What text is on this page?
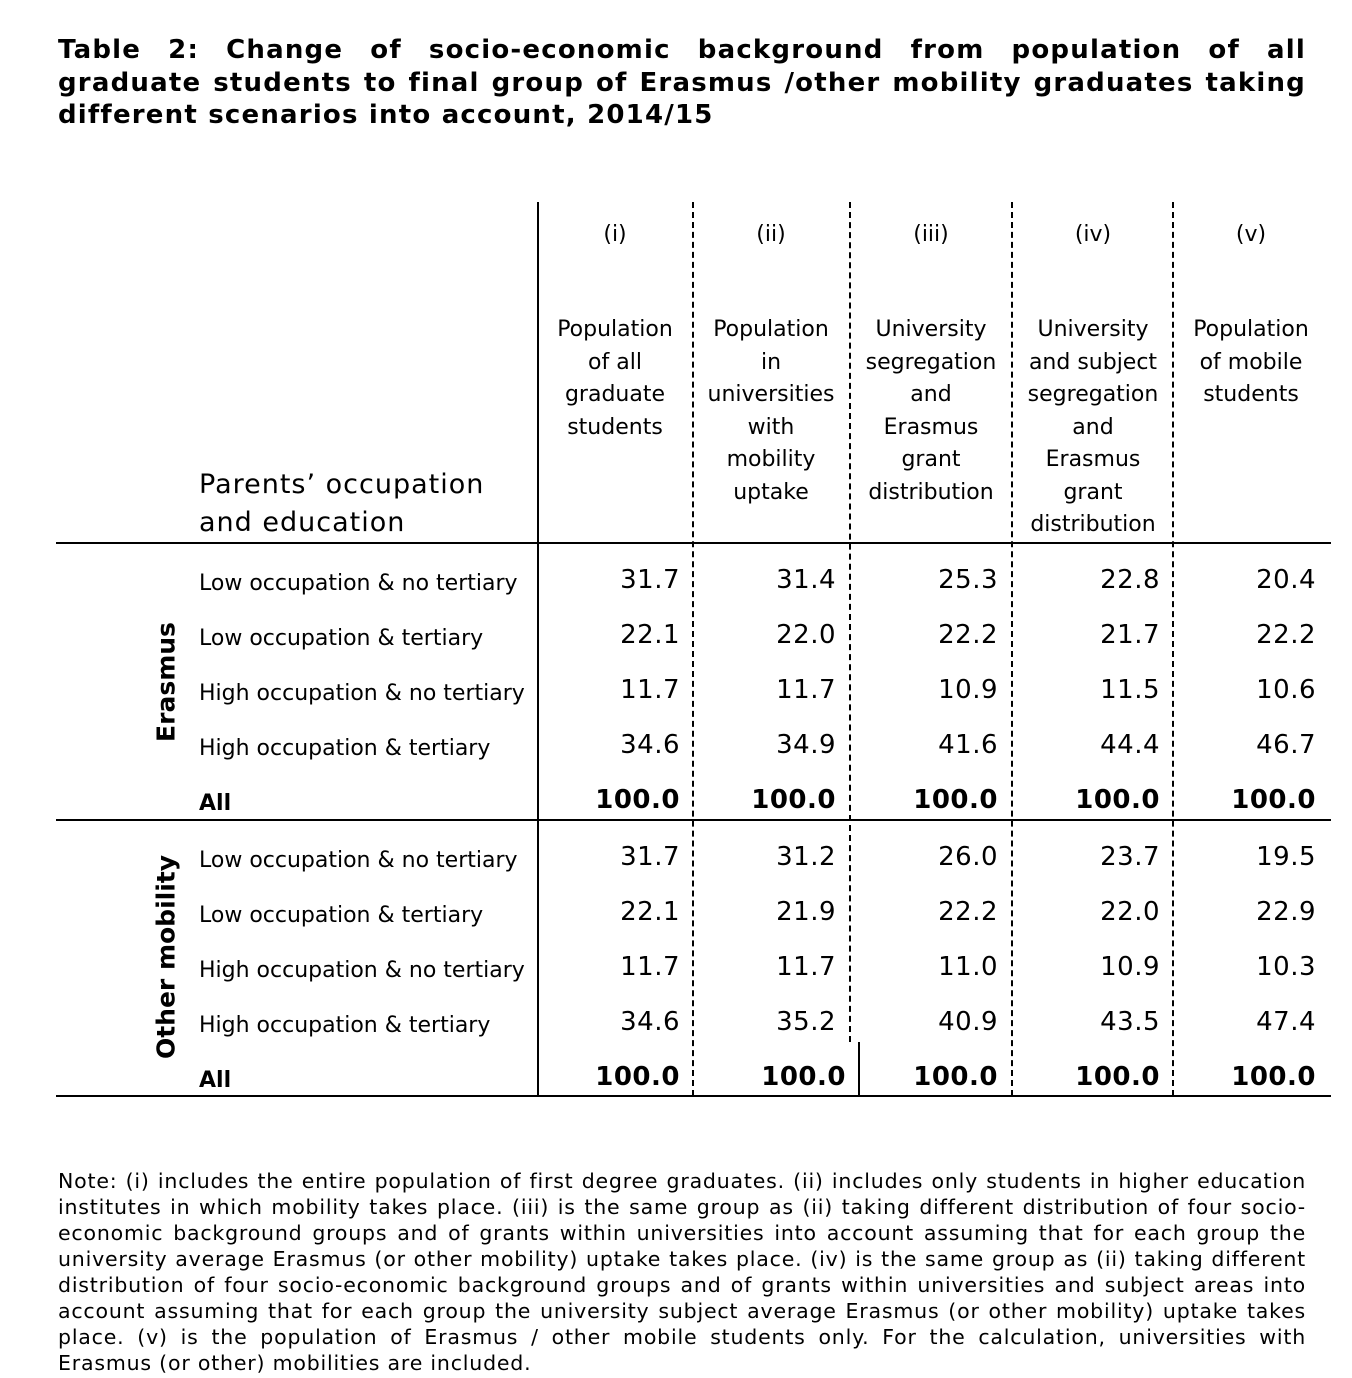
Table 2: Change of socio-economic background from population of all graduate students to final group of Erasmus /other mobility graduates taking different scenarios into account, 2014/15
Parents’ occupation and education
(i)	(ii)	(iii)	(iv)	(v)
Population of all graduate students
Population in universities with mobility uptake
University segregation and Erasmus grant distribution
University and subject segregation and Erasmus grant distribution
Population of mobile students
Erasmus
Other mobility
Low occupation & no tertiary	31.7	31.4	25.3	22.8	20.4
Low occupation & tertiary	22.1	22.0	22.2	21.7	22.2
High occupation & no tertiary	11.7	11.7	10.9	11.5	10.6
High occupation & tertiary	34.6	34.9	41.6	44.4	46.7
All	100.0	100.0	100.0	100.0	100.0
Low occupation & no tertiary	31.7	31.2	26.0	23.7	19.5
Low occupation & tertiary	22.1	21.9	22.2	22.0	22.9
High occupation & no tertiary	11.7	11.7	11.0	10.9	10.3
High occupation & tertiary	34.6	35.2	40.9	43.5	47.4
All	100.0	100.0	100.0	100.0	100.0

Note: (i) includes the entire population of first degree graduates. (ii) includes only students in higher education institutes in which mobility takes place. (iii) is the same group as (ii) taking different distribution of four socio-economic background groups and of grants within universities into account assuming that for each group the university average Erasmus (or other mobility) uptake takes place. (iv) is the same group as (ii) taking different distribution of four socio-economic background groups and of grants within universities and subject areas into account assuming that for each group the university subject average Erasmus (or other mobility) uptake takes place. (v) is the population of Erasmus / other mobile students only. For the calculation, universities with Erasmus (or other) mobilities are included.
